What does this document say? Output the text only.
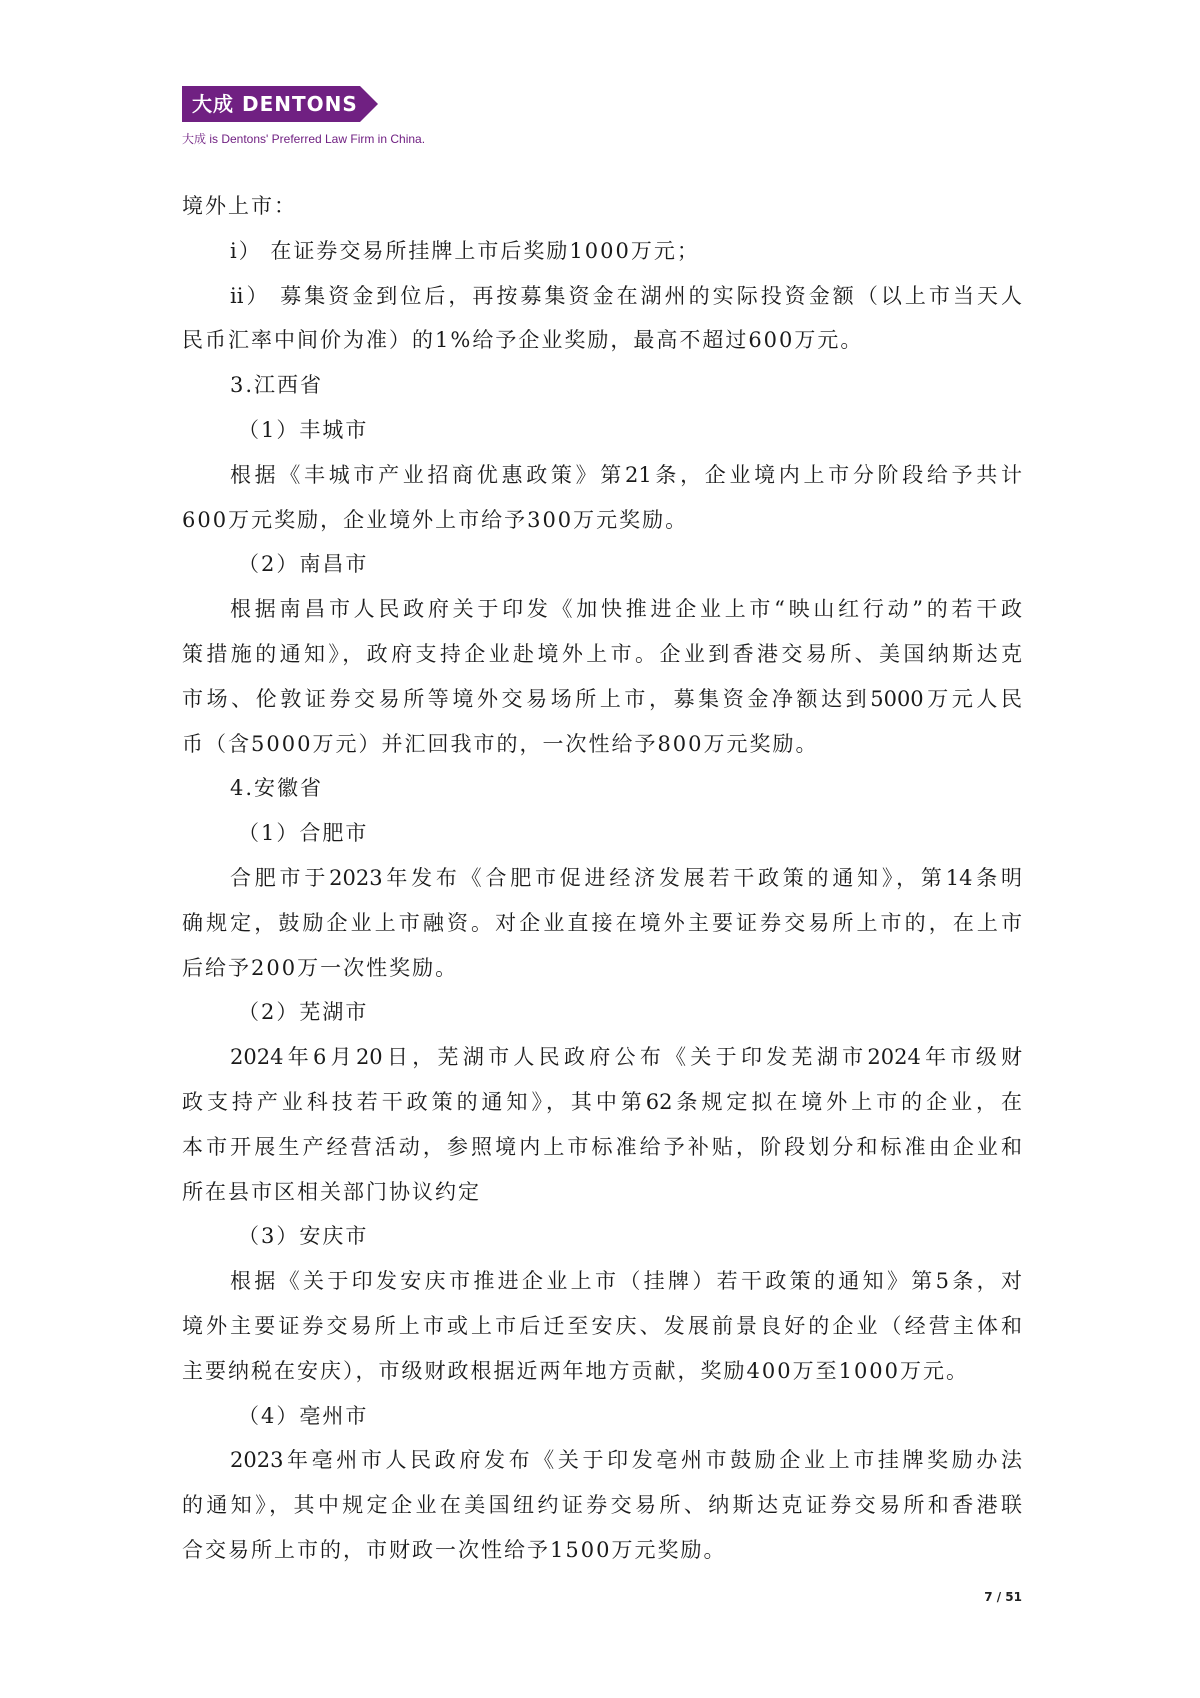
大成 DENTONS
大成 is Dentons' Preferred Law Firm in China.
境外上市：
i） 在证券交易所挂牌上市后奖励1000万元；
ii） 募集资金到位后，再按募集资金在湖州的实际投资金额（以上市当天人
民币汇率中间价为准）的1%给予企业奖励，最高不超过600万元。
3.江西省
（1）丰城市
根据《丰城市产业招商优惠政策》第21条，企业境内上市分阶段给予共计
600万元奖励，企业境外上市给予300万元奖励。
（2）南昌市
根据南昌市人民政府关于印发《加快推进企业上市“映山红行动”的若干政
策措施的通知》，政府支持企业赴境外上市。企业到香港交易所、美国纳斯达克
市场、伦敦证券交易所等境外交易场所上市，募集资金净额达到5000万元人民
币（含5000万元）并汇回我市的，一次性给予800万元奖励。
4.安徽省
（1）合肥市
合肥市于2023年发布《合肥市促进经济发展若干政策的通知》，第14条明
确规定，鼓励企业上市融资。对企业直接在境外主要证券交易所上市的，在上市
后给予200万一次性奖励。
（2）芜湖市
2024年6月20日，芜湖市人民政府公布《关于印发芜湖市2024年市级财
政支持产业科技若干政策的通知》，其中第62条规定拟在境外上市的企业，在
本市开展生产经营活动，参照境内上市标准给予补贴，阶段划分和标准由企业和
所在县市区相关部门协议约定
（3）安庆市
根据《关于印发安庆市推进企业上市（挂牌）若干政策的通知》第5条，对
境外主要证券交易所上市或上市后迁至安庆、发展前景良好的企业（经营主体和
主要纳税在安庆），市级财政根据近两年地方贡献，奖励400万至1000万元。
（4）亳州市
2023年亳州市人民政府发布《关于印发亳州市鼓励企业上市挂牌奖励办法
的通知》，其中规定企业在美国纽约证券交易所、纳斯达克证券交易所和香港联
合交易所上市的，市财政一次性给予1500万元奖励。
7 / 51
